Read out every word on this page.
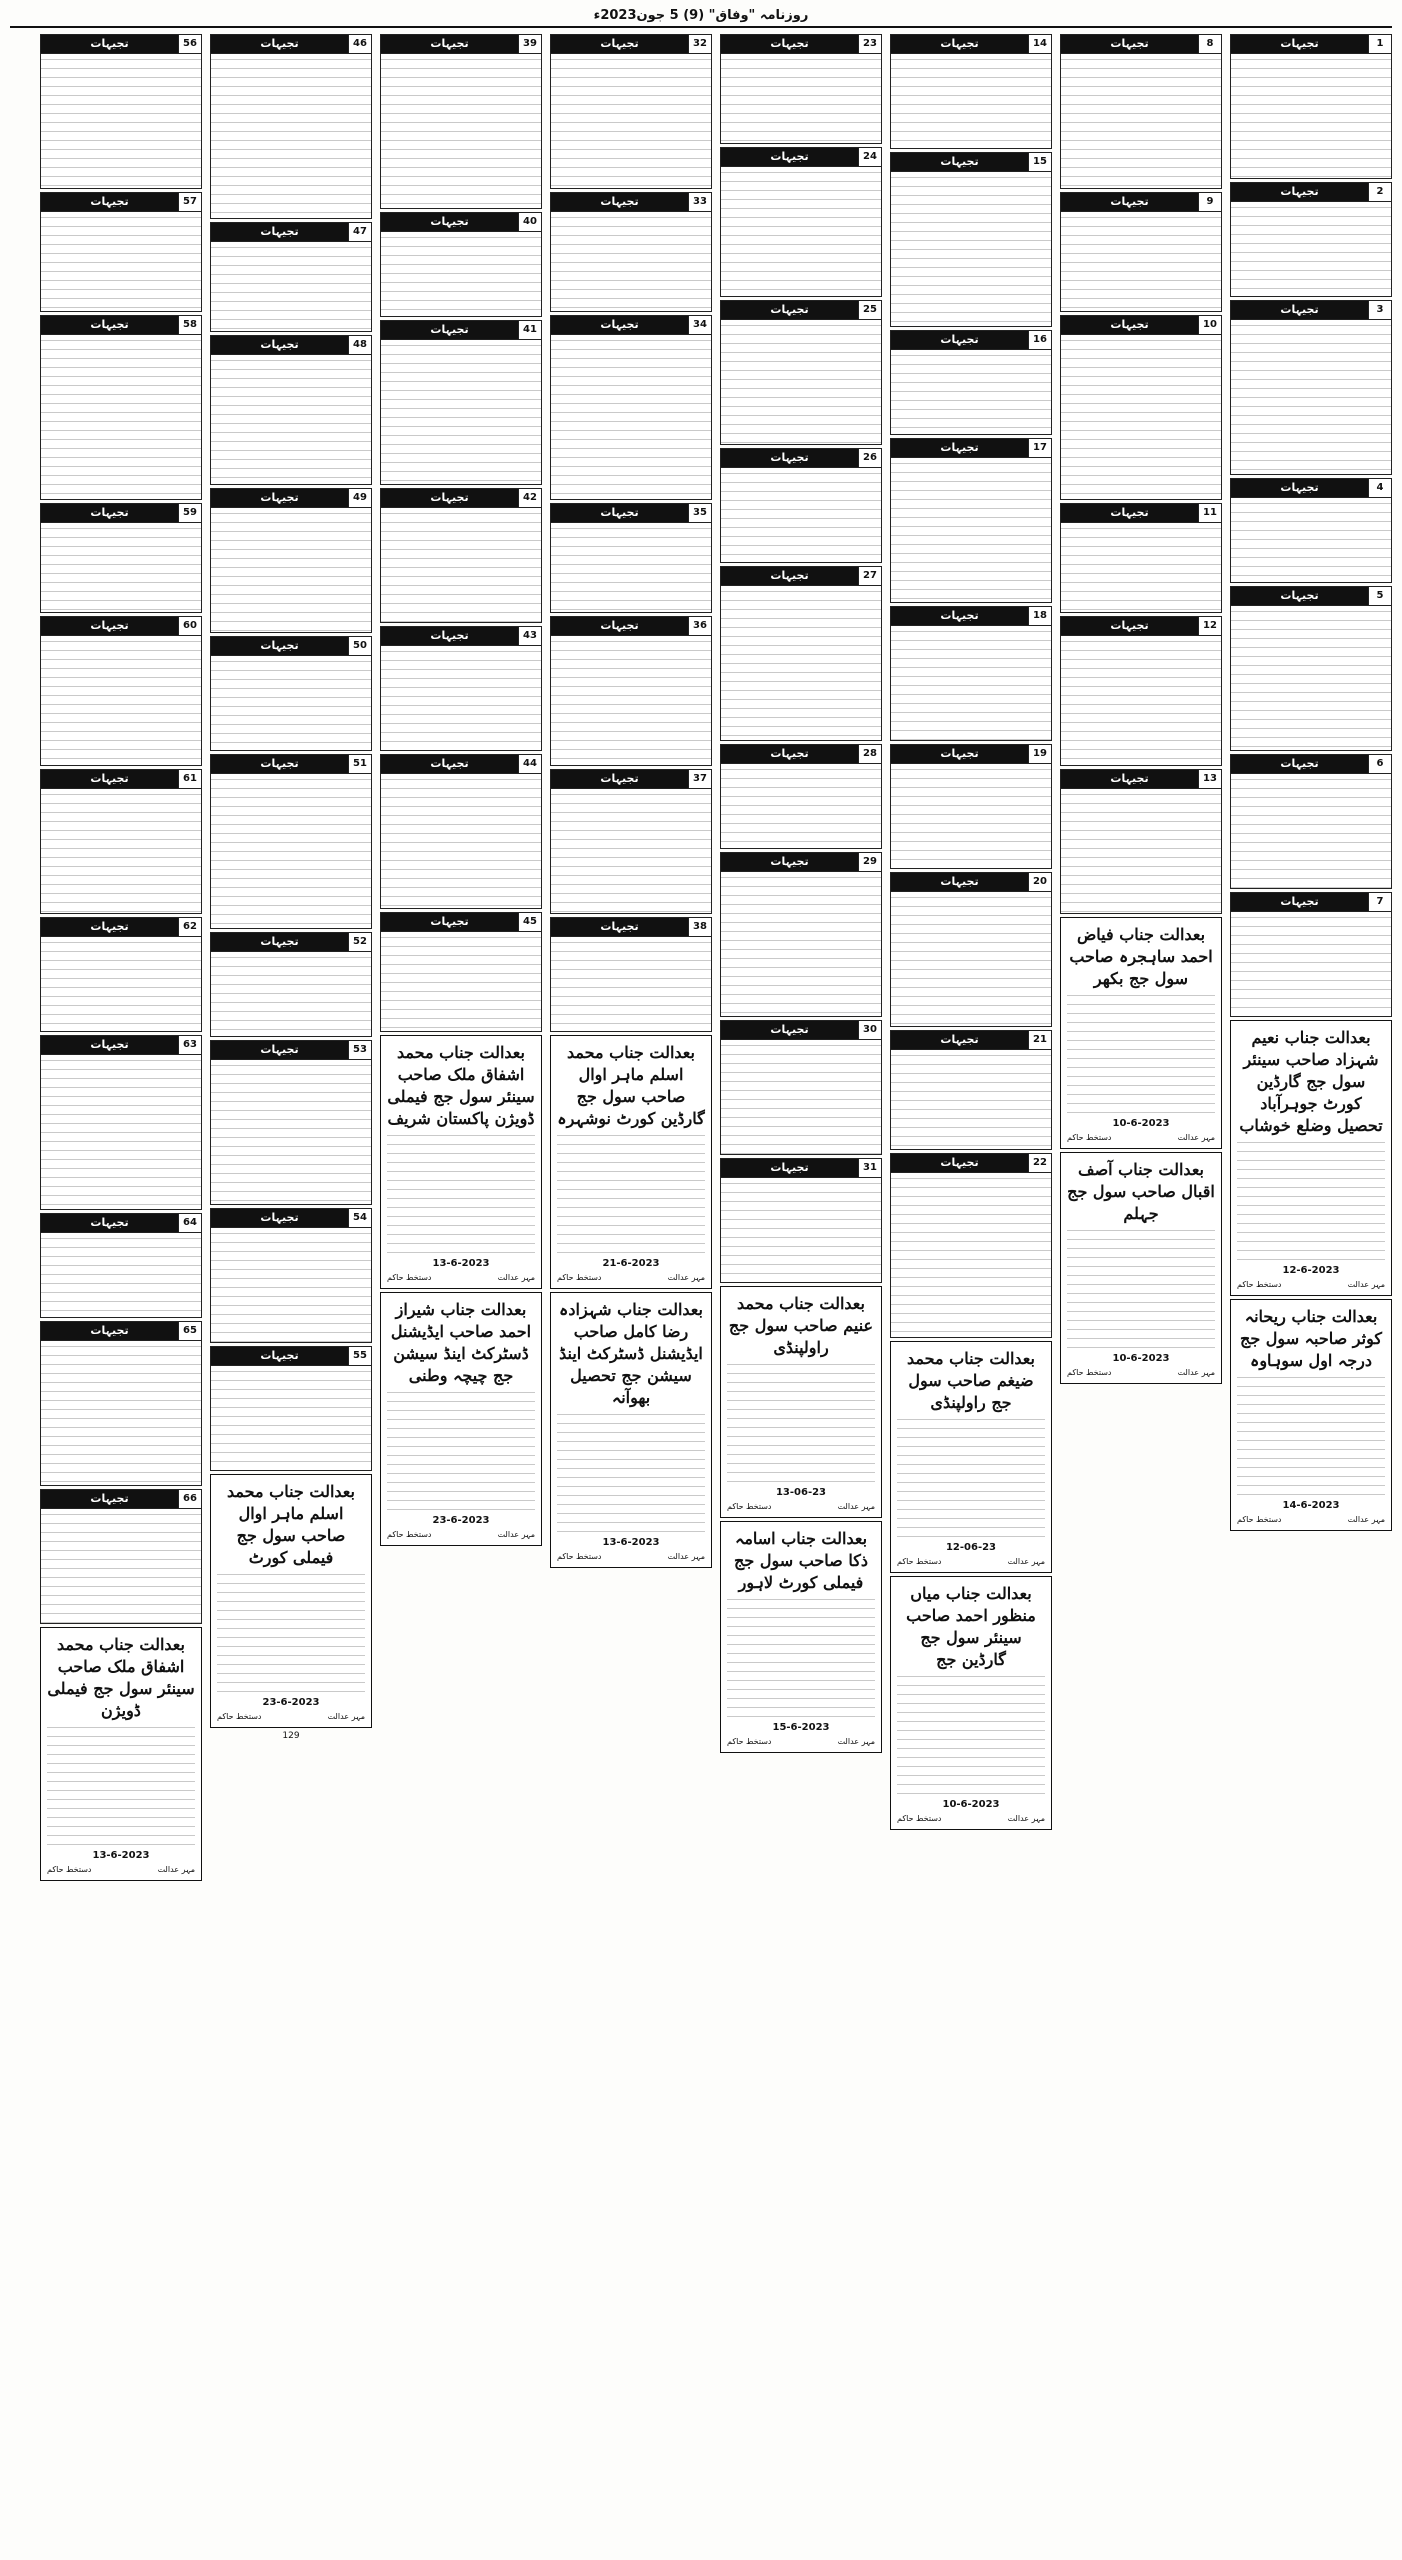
روزنامہ "وفاق" (9) 5 جون2023ء
1
تجیہات
2
تجیہات
3
تجیہات
4
تجیہات
5
تجیہات
6
تجیہات
7
تجیہات
بعدالت جناب نعیم شہزاد صاحب سینئر سول جج گارڈین کورٹ جوہرآباد تحصیل وضلع خوشاب
12-6-2023
مہر عدالت
دستخط حاکم
بعدالت جناب ریحانہ کوثر صاحبہ سول جج درجہ اول سوہاوہ
14-6-2023
مہر عدالت
دستخط حاکم
8
تجیہات
9
تجیہات
10
تجیہات
11
تجیہات
12
تجیہات
13
تجیہات
بعدالت جناب فیاض احمد ساہجرہ صاحب سول جج بکھر
10-6-2023
مہر عدالت
دستخط حاکم
بعدالت جناب آصف اقبال صاحب سول جج جہلم
10-6-2023
مہر عدالت
دستخط حاکم
14
تجیہات
15
تجیہات
16
تجیہات
17
تجیہات
18
تجیہات
19
تجیہات
20
تجیہات
21
تجیہات
22
تجیہات
بعدالت جناب محمد ضیغم صاحب سول جج راولپنڈی
12-06-23
مہر عدالت
دستخط حاکم
بعدالت جناب میاں منظور احمد صاحب سینئر سول جج گارڈین جج
10-6-2023
مہر عدالت
دستخط حاکم
23
تجیہات
24
تجیہات
25
تجیہات
26
تجیہات
27
تجیہات
28
تجیہات
29
تجیہات
30
تجیہات
31
تجیہات
بعدالت جناب محمد عنیم صاحب سول جج راولپنڈی
13-06-23
مہر عدالت
دستخط حاکم
بعدالت جناب اسامہ ذکا صاحب سول جج فیملی کورٹ لاہور
15-6-2023
مہر عدالت
دستخط حاکم
32
تجیہات
33
تجیہات
34
تجیہات
35
تجیہات
36
تجیہات
37
تجیہات
38
تجیہات
بعدالت جناب محمد اسلم ماہر اوال صاحب سول جج گارڈین کورٹ نوشہرہ
21-6-2023
مہر عدالت
دستخط حاکم
بعدالت جناب شہزادہ رضا کامل صاحب ایڈیشنل ڈسٹرکٹ اینڈ سیشن جج تحصیل بھوآنہ
13-6-2023
مہر عدالت
دستخط حاکم
39
تجیہات
40
تجیہات
41
تجیہات
42
تجیہات
43
تجیہات
44
تجیہات
45
تجیہات
بعدالت جناب محمد اشفاق ملک صاحب سینئر سول جج فیملی ڈویژن پاکستان شریف
13-6-2023
مہر عدالت
دستخط حاکم
بعدالت جناب شیراز احمد صاحب ایڈیشنل ڈسٹرکٹ اینڈ سیشن جج چیچہ وطنی
23-6-2023
مہر عدالت
دستخط حاکم
46
تجیہات
47
تجیہات
48
تجیہات
49
تجیہات
50
تجیہات
51
تجیہات
52
تجیہات
53
تجیہات
54
تجیہات
55
تجیہات
بعدالت جناب محمد اسلم ماہر اوال صاحب سول جج فیملی کورٹ
23-6-2023
مہر عدالت
دستخط حاکم
129
56
تجیہات
57
تجیہات
58
تجیہات
59
تجیہات
60
تجیہات
61
تجیہات
62
تجیہات
63
تجیہات
64
تجیہات
65
تجیہات
66
تجیہات
بعدالت جناب محمد اشفاق ملک صاحب سینئر سول جج فیملی ڈویژن
13-6-2023
مہر عدالت
دستخط حاکم
